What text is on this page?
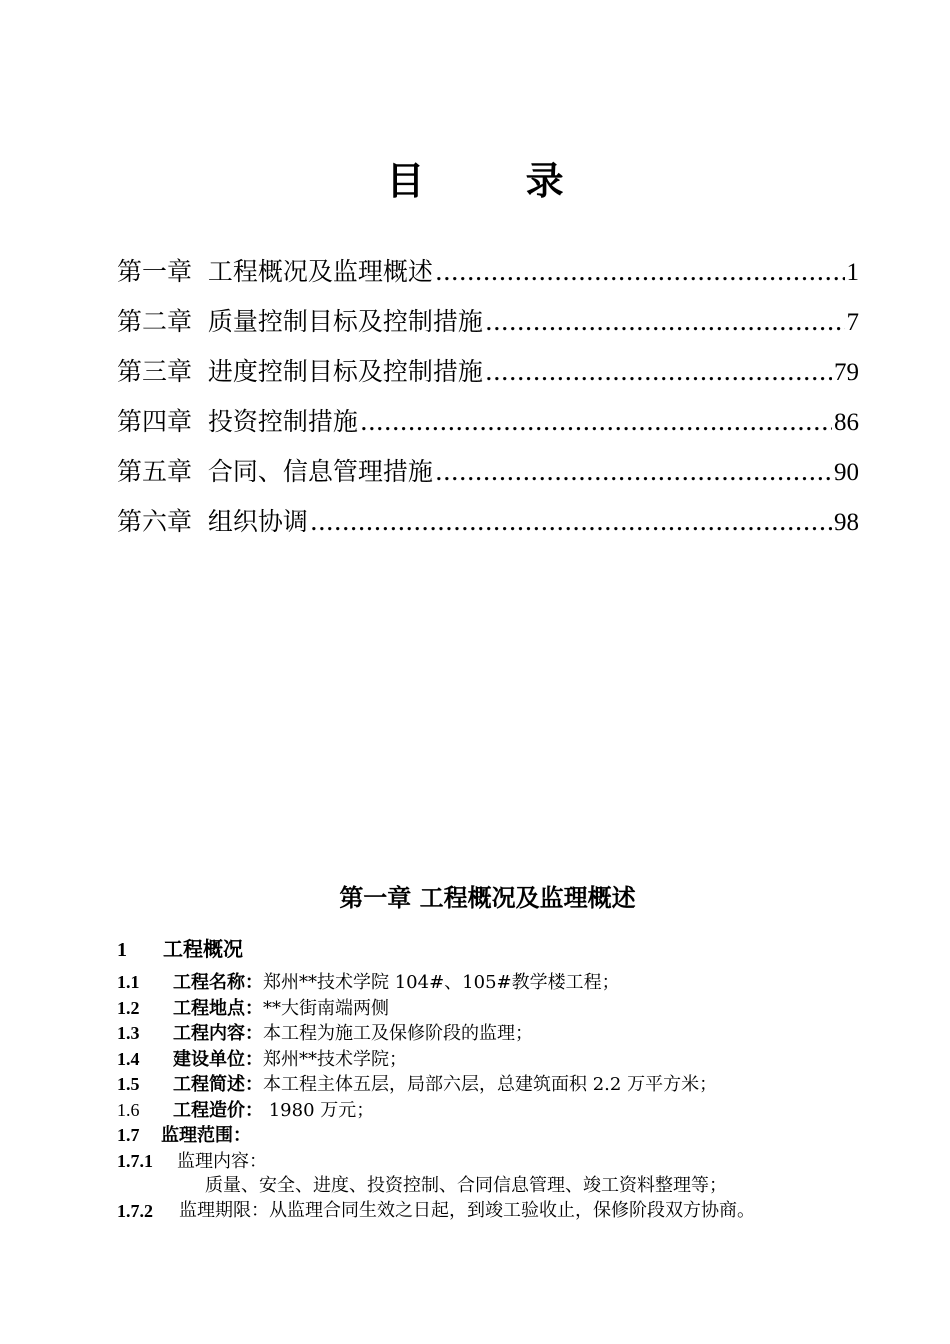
目 录
第一章  工程概况及监理概述 .....	1
第二章  质量控制目标及控制措施 .....	7
第三章  进度控制目标及控制措施 .....	79
第四章  投资控制措施 .....	86
第五章  合同、信息管理措施 .....	90
第六章  组织协调 .....	98
第一章 工程概况及监理概述
1 工程概况
1.1 工程名称：郑州**技术学院 104#、105#教学楼工程；
1.2 工程地点：**大街南端两侧
1.3 工程内容：本工程为施工及保修阶段的监理；
1.4 建设单位：郑州**技术学院；
1.5 工程简述：本工程主体五层，局部六层，总建筑面积 2.2 万平方米；
1.6 工程造价： 1980 万元；
1.7 监理范围：
1.7.1 监理内容：
质量、安全、进度、投资控制、合同信息管理、竣工资料整理等；
1.7.2	监理期限：从监理合同生效之日起，到竣工验收止，保修阶段双方协商。
